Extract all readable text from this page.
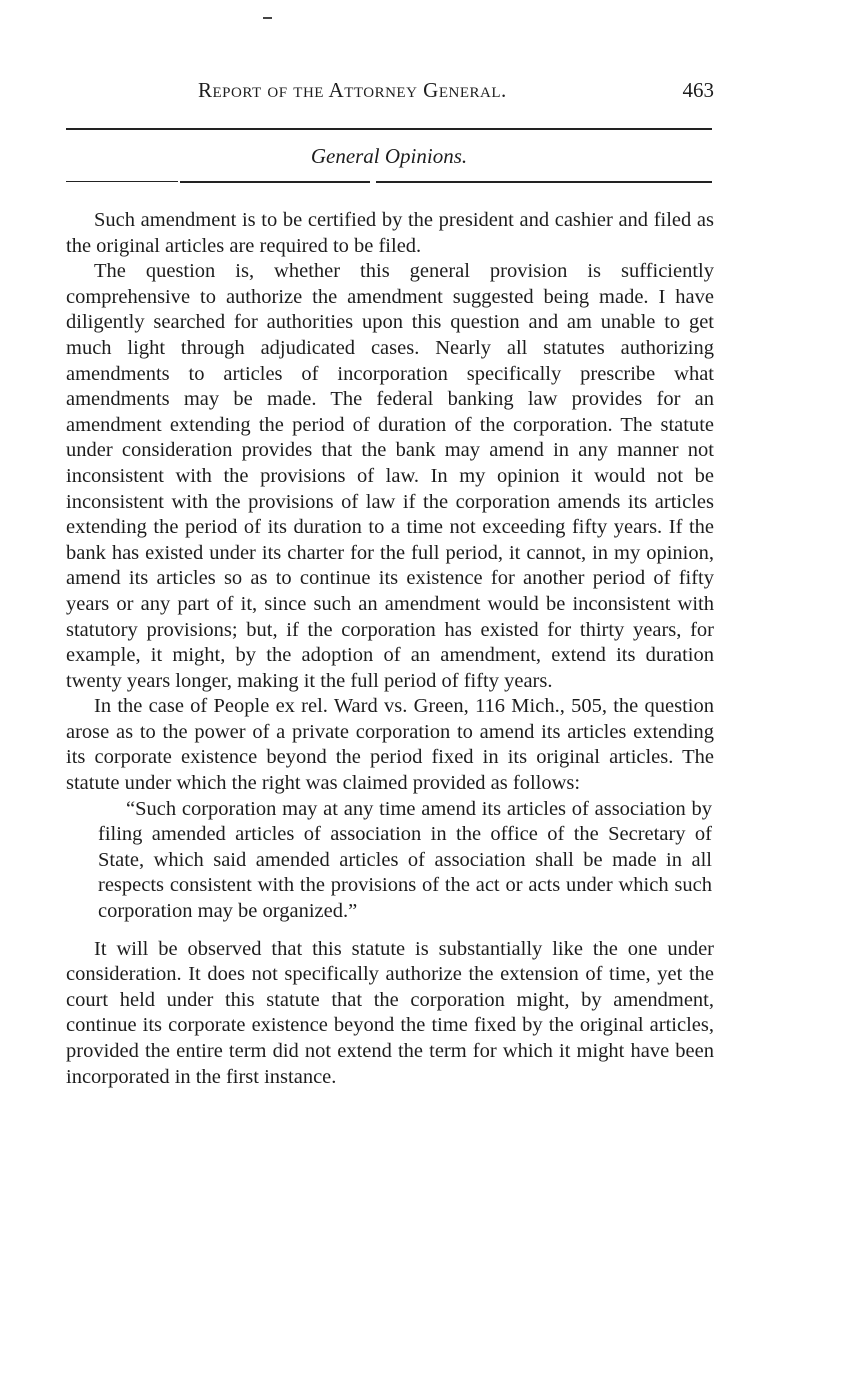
Report of the Attorney General.	463
General Opinions.

Such amendment is to be certified by the president and cashier and filed as the original articles are required to be filed.

The question is, whether this general provision is sufficiently comprehensive to authorize the amendment suggested being made. I have diligently searched for authorities upon this question and am unable to get much light through adjudicated cases. Nearly all statutes authorizing amendments to articles of incorporation specifically prescribe what amendments may be made. The federal banking law provides for an amendment extending the period of duration of the corporation. The statute under consideration provides that the bank may amend in any manner not inconsistent with the provisions of law. In my opinion it would not be inconsistent with the provisions of law if the corporation amends its articles extending the period of its duration to a time not exceeding fifty years. If the bank has existed under its charter for the full period, it cannot, in my opinion, amend its articles so as to continue its existence for another period of fifty years or any part of it, since such an amendment would be inconsistent with statutory provisions; but, if the corporation has existed for thirty years, for example, it might, by the adoption of an amendment, extend its duration twenty years longer, making it the full period of fifty years.

In the case of People ex rel. Ward vs. Green, 116 Mich., 505, the question arose as to the power of a private corporation to amend its articles extending its corporate existence beyond the period fixed in its original articles. The statute under which the right was claimed provided as follows:

“Such corporation may at any time amend its articles of association by filing amended articles of association in the office of the Secretary of State, which said amended articles of association shall be made in all respects consistent with the provisions of the act or acts under which such corporation may be organized.”

It will be observed that this statute is substantially like the one under consideration. It does not specifically authorize the extension of time, yet the court held under this statute that the corporation might, by amendment, continue its corporate existence beyond the time fixed by the original articles, provided the entire term did not extend the term for which it might have been incorporated in the first instance.
